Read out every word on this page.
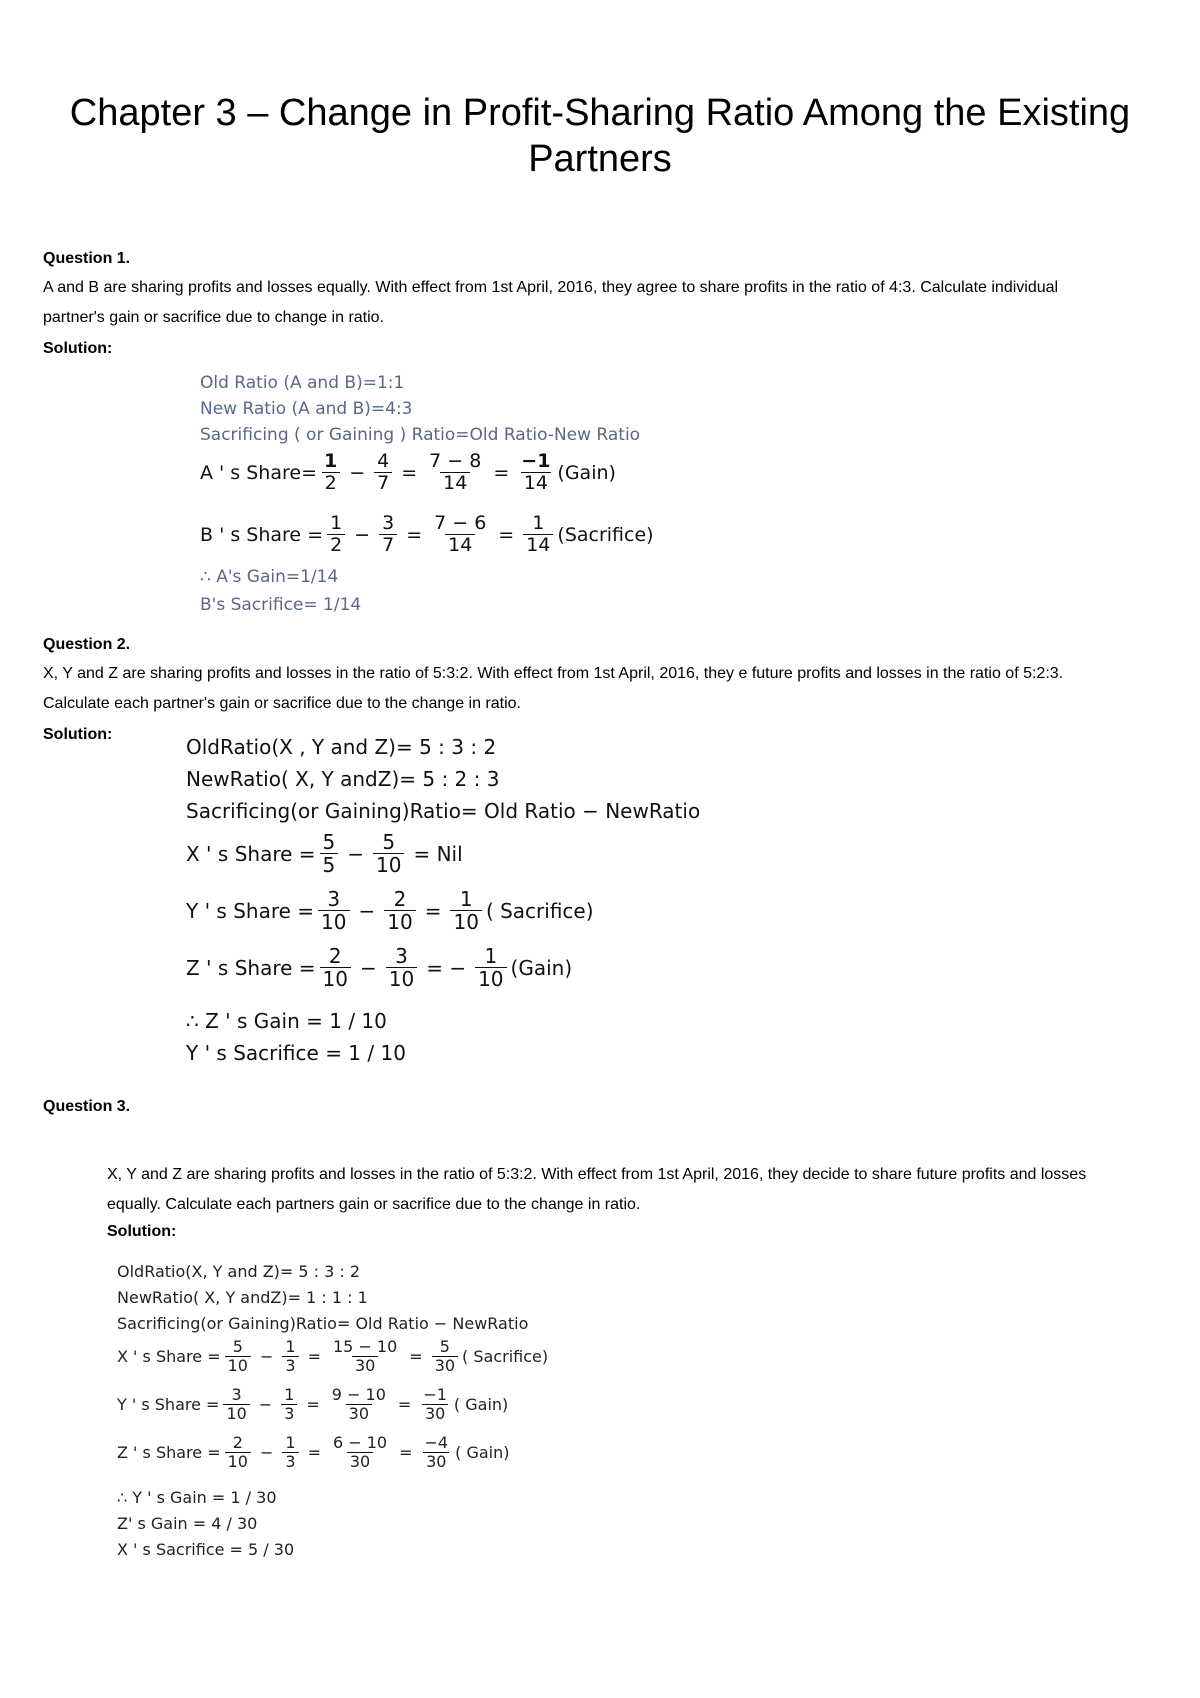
Chapter 3 – Change in Profit-Sharing Ratio Among the Existing Partners
Question 1.

A and B are sharing profits and losses equally. With effect from 1st April, 2016, they agree to share profits in the ratio of 4:3. Calculate individual partner's gain or sacrifice due to change in ratio.

Solution:
Old Ratio (A and B)=1:1
New Ratio (A and B)=4:3
Sacrificing ( or Gaining ) Ratio=Old Ratio-New Ratio
A ' s Share= $\frac{1}{2} - \frac{4}{7} = \frac{7 - 8}{14} = \frac{-1}{14}$ (Gain)
B ' s Share = $\frac{1}{2} - \frac{3}{7} = \frac{7 - 6}{14} = \frac{1}{14}$ (Sacrifice)
∴ A's Gain=1/14
B's Sacrifice= 1/14
Question 2.

X, Y and Z are sharing profits and losses in the ratio of 5:3:2. With effect from 1st April, 2016, they e future profits and losses in the ratio of 5:2:3. Calculate each partner's gain or sacrifice due to the change in ratio.

Solution:
OldRatio(X , Y and Z)= 5 : 3 : 2
NewRatio( X, Y andZ)= 5 : 2 : 3
Sacrificing(or Gaining)Ratio= Old Ratio − NewRatio
X ' s Share = $\frac{5}{5} - \frac{5}{10}$ = Nil
Y ' s Share = $\frac{3}{10} - \frac{2}{10} = \frac{1}{10}$ ( Sacrifice)
Z ' s Share = $\frac{2}{10} - \frac{3}{10}$ = − $\frac{1}{10}$ (Gain)
∴ Z ' s Gain = 1 / 10
Y ' s Sacrifice = 1 / 10
Question 3.

X, Y and Z are sharing profits and losses in the ratio of 5:3:2. With effect from 1st April, 2016, they decide to share future profits and losses equally. Calculate each partners gain or sacrifice due to the change in ratio.

Solution:
OldRatio(X, Y and Z)= 5 : 3 : 2
NewRatio( X, Y andZ)= 1 : 1 : 1
Sacrificing(or Gaining)Ratio= Old Ratio − NewRatio
X ' s Share = $\frac{5}{10} - \frac{1}{3} = \frac{15 - 10}{30} = \frac{5}{30}$ ( Sacrifice)
Y ' s Share = $\frac{3}{10} - \frac{1}{3} = \frac{9 - 10}{30} = \frac{-1}{30}$ ( Gain)
Z ' s Share = $\frac{2}{10} - \frac{1}{3} = \frac{6 - 10}{30} = \frac{-4}{30}$ ( Gain)
∴ Y ' s Gain = 1 / 30
Z' s Gain = 4 / 30
X ' s Sacrifice = 5 / 30
